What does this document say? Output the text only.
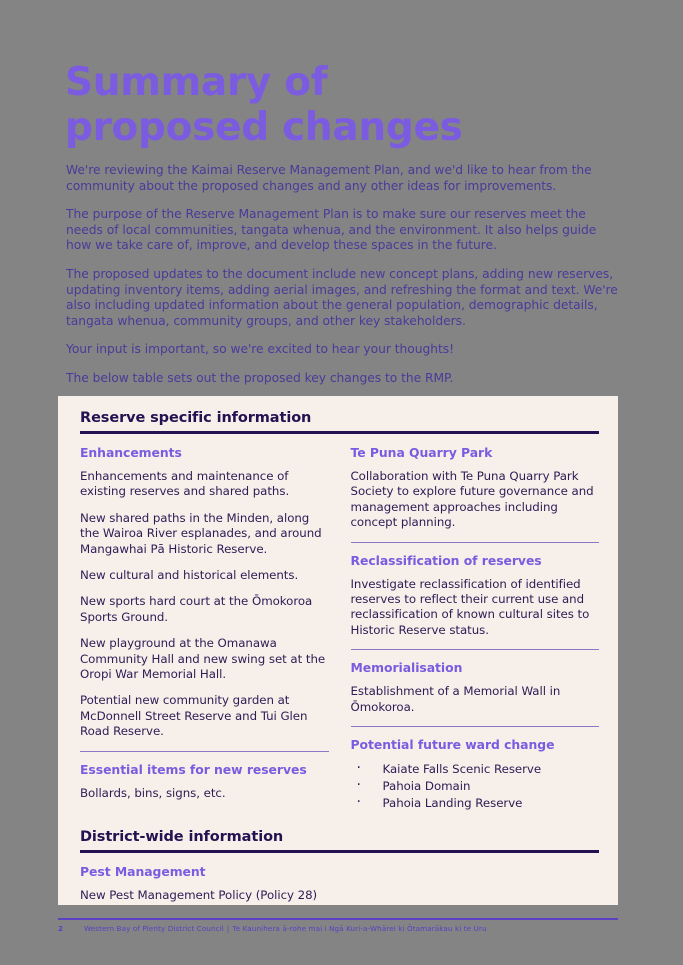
Summary of
proposed changes

We're reviewing the Kaimai Reserve Management Plan, and we'd like to hear from the community about the proposed changes and any other ideas for improvements.

The purpose of the Reserve Management Plan is to make sure our reserves meet the needs of local communities, tangata whenua, and the environment. It also helps guide how we take care of, improve, and develop these spaces in the future.

The proposed updates to the document include new concept plans, adding new reserves, updating inventory items, adding aerial images, and refreshing the format and text. We're also including updated information about the general population, demographic details, tangata whenua, community groups, and other key stakeholders.

Your input is important, so we're excited to hear your thoughts!

The below table sets out the proposed key changes to the RMP.

Reserve specific information
Enhancements

Enhancements and maintenance of existing reserves and shared paths.

New shared paths in the Minden, along the Wairoa River esplanades, and around Mangawhai Pā Historic Reserve.

New cultural and historical elements.

New sports hard court at the Ōmokoroa Sports Ground.

New playground at the Omanawa Community Hall and new swing set at the Oropi War Memorial Hall.

Potential new community garden at McDonnell Street Reserve and Tui Glen Road Reserve.

Essential items for new reserves

Bollards, bins, signs, etc.

Te Puna Quarry Park

Collaboration with Te Puna Quarry Park Society to explore future governance and management approaches including concept planning.

Reclassification of reserves

Investigate reclassification of identified reserves to reflect their current use and reclassification of known cultural sites to Historic Reserve status.

Memorialisation

Establishment of a Memorial Wall in Ōmokoroa.

Potential future ward change
· Kaiate Falls Scenic Reserve
· Pahoia Domain
· Pahoia Landing Reserve
District-wide information
Pest Management

New Pest Management Policy (Policy 28)

2	Western Bay of Plenty District Council | Te Kaunihera ā-rohe mai i Ngā Kuri-a-Whārei ki Ōtamarākau ki te Uru
